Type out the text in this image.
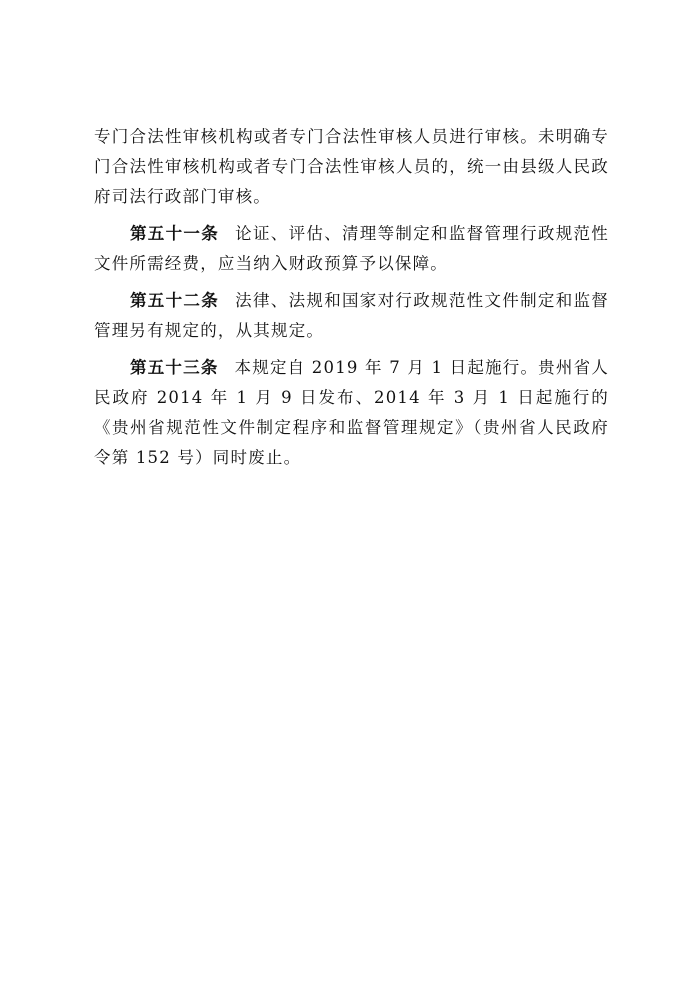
专门合法性审核机构或者专门合法性审核人员进行审核。未明确专门合法性审核机构或者专门合法性审核人员的，统一由县级人民政府司法行政部门审核。

第五十一条 论证、评估、清理等制定和监督管理行政规范性文件所需经费，应当纳入财政预算予以保障。

第五十二条 法律、法规和国家对行政规范性文件制定和监督管理另有规定的，从其规定。

第五十三条 本规定自 2019 年 7 月 1 日起施行。贵州省人民政府 2014 年 1 月 9 日发布、2014 年 3 月 1 日起施行的《贵州省规范性文件制定程序和监督管理规定》（贵州省人民政府令第 152 号）同时废止。
